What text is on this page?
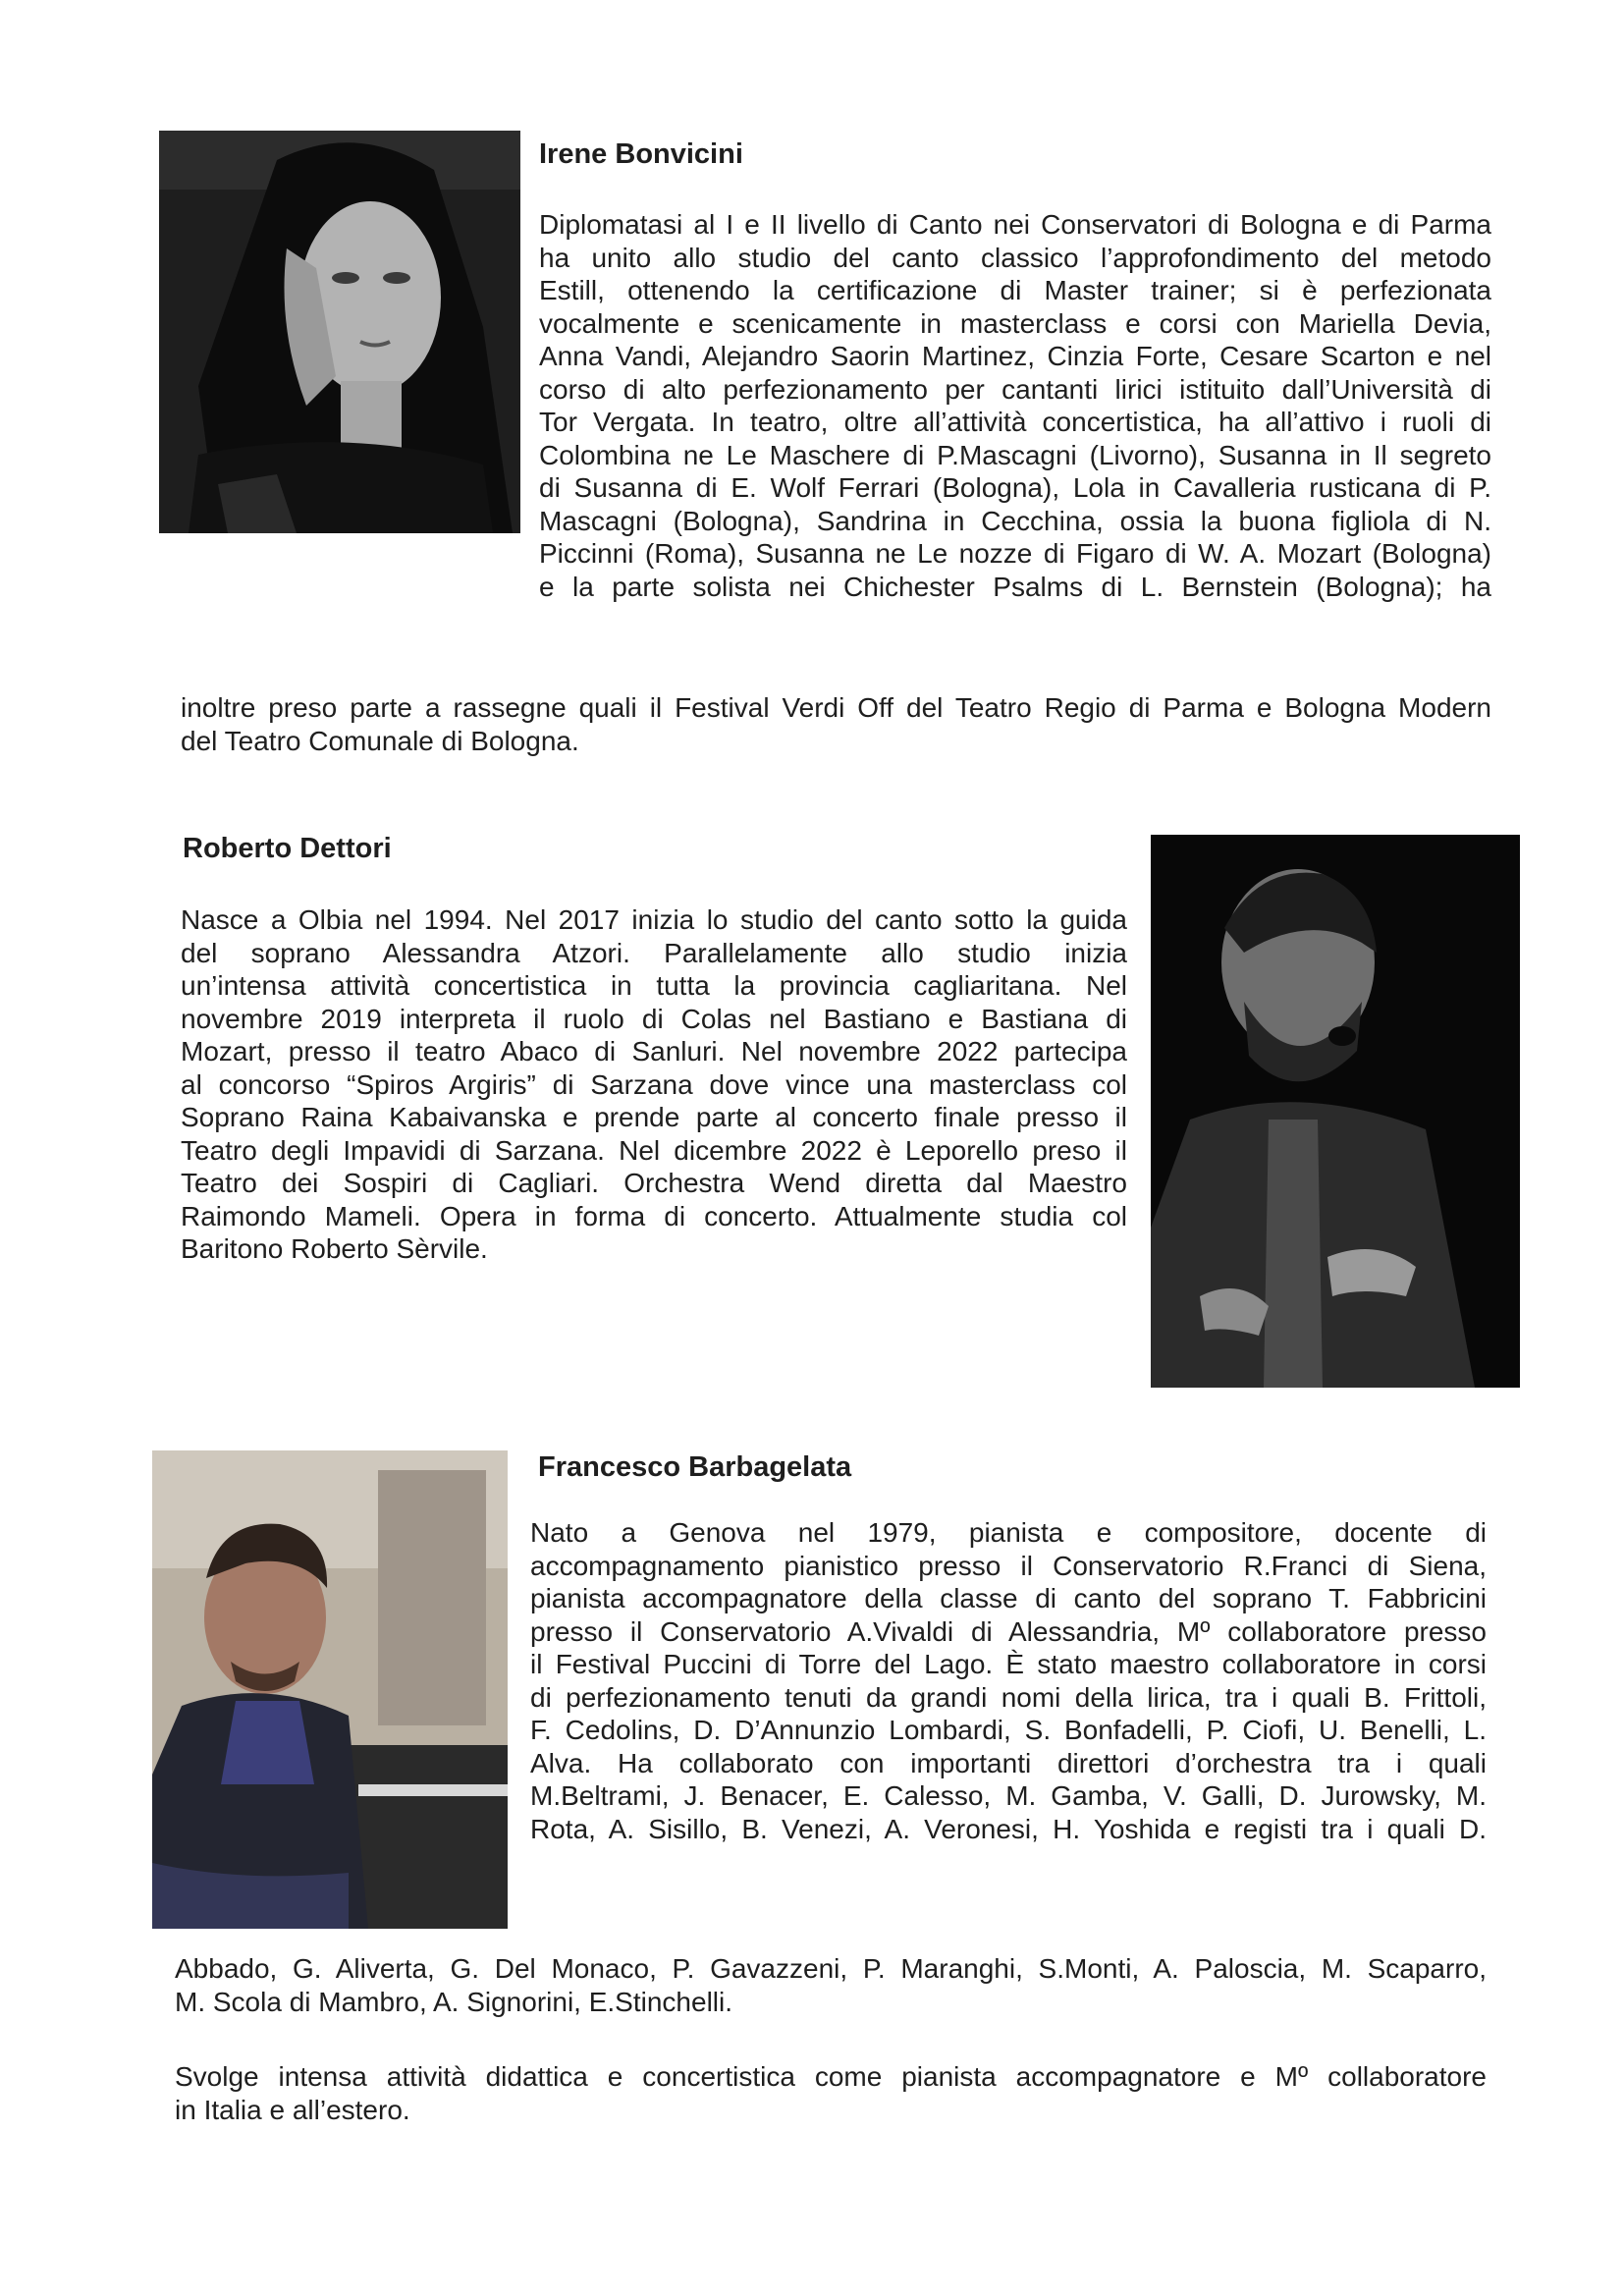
Irene Bonvicini
Diplomatasi al I e II livello di Canto nei Conservatori di Bologna e di Parma
ha unito allo studio del canto classico l’approfondimento del metodo
Estill, ottenendo la certificazione di Master trainer; si è perfezionata
vocalmente e scenicamente in masterclass e corsi con Mariella Devia,
Anna Vandi, Alejandro Saorin Martinez, Cinzia Forte, Cesare Scarton e nel
corso di alto perfezionamento per cantanti lirici istituito dall’Università di
Tor Vergata. In teatro, oltre all’attività concertistica, ha all’attivo i ruoli di
Colombina ne Le Maschere di P.Mascagni (Livorno), Susanna in Il segreto
di Susanna di E. Wolf Ferrari (Bologna), Lola in Cavalleria rusticana di P.
Mascagni (Bologna), Sandrina in Cecchina, ossia la buona figliola di N.
Piccinni (Roma), Susanna ne Le nozze di Figaro di W. A. Mozart (Bologna)
e la parte solista nei Chichester Psalms di L. Bernstein (Bologna); ha
inoltre preso parte a rassegne quali il Festival Verdi Off del Teatro Regio di Parma e Bologna Modern
del Teatro Comunale di Bologna.
Roberto Dettori
Nasce a Olbia nel 1994. Nel 2017 inizia lo studio del canto sotto la guida
del soprano Alessandra Atzori. Parallelamente allo studio inizia
un’intensa attività concertistica in tutta la provincia cagliaritana. Nel
novembre 2019 interpreta il ruolo di Colas nel Bastiano e Bastiana di
Mozart, presso il teatro Abaco di Sanluri. Nel novembre 2022 partecipa
al concorso “Spiros Argiris” di Sarzana dove vince una masterclass col
Soprano Raina Kabaivanska e prende parte al concerto finale presso il
Teatro degli Impavidi di Sarzana. Nel dicembre 2022 è Leporello preso il
Teatro dei Sospiri di Cagliari. Orchestra Wend diretta dal Maestro
Raimondo Mameli. Opera in forma di concerto. Attualmente studia col
Baritono Roberto Sèrvile.
Francesco Barbagelata
Nato a Genova nel 1979, pianista e compositore, docente di
accompagnamento pianistico presso il Conservatorio R.Franci di Siena,
pianista accompagnatore della classe di canto del soprano T. Fabbricini
presso il Conservatorio A.Vivaldi di Alessandria, Mº collaboratore presso
il Festival Puccini di Torre del Lago. È stato maestro collaboratore in corsi
di perfezionamento tenuti da grandi nomi della lirica, tra i quali B. Frittoli,
F. Cedolins, D. D’Annunzio Lombardi, S. Bonfadelli, P. Ciofi, U. Benelli, L.
Alva. Ha collaborato con importanti direttori d’orchestra tra i quali
M.Beltrami, J. Benacer, E. Calesso, M. Gamba, V. Galli, D. Jurowsky, M.
Rota, A. Sisillo, B. Venezi, A. Veronesi, H. Yoshida e registi tra i quali D.
Abbado, G. Aliverta, G. Del Monaco, P. Gavazzeni, P. Maranghi, S.Monti, A. Paloscia, M. Scaparro,
M. Scola di Mambro, A. Signorini, E.Stinchelli.
Svolge intensa attività didattica e concertistica come pianista accompagnatore e Mº collaboratore
in Italia e all’estero.
